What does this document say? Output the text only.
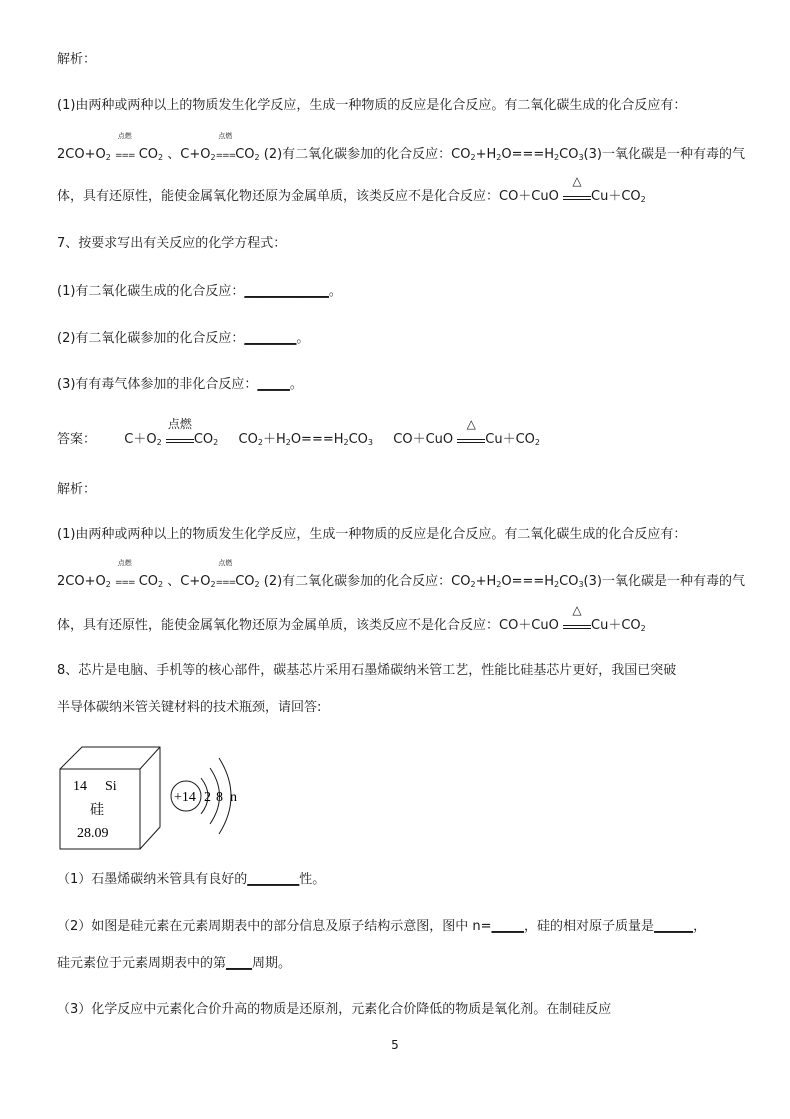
解析：
(1)由两种或两种以上的物质发生化学反应，生成一种物质的反应是化合反应。有二氧化碳生成的化合反应有：
$2CO+O_2$
点燃
=== $CO_2$ 、$C+O_2$
点燃
$===CO_2$ (2)有二氧化碳参加的化合反应：$CO_2+H_2O===H_2CO_3(3)$一氧化碳是一种有毒的气
体，具有还原性，能使金属氧化物还原为金属单质，该类反应不是化合反应：CO＋CuO
△
$Cu+CO_2$
7、按要求写出有关反应的化学方程式：
(1)有二氧化碳生成的化合反应：_____________。
(2)有二氧化碳参加的化合反应：________。
(3)有有毒气体参加的非化合反应：_____。
答案： $C+O_2$
点燃
$CO_2$ $CO_2+H_2O===H_2CO_3$ CO＋CuO
△
$Cu+CO_2$
解析：
(1)由两种或两种以上的物质发生化学反应，生成一种物质的反应是化合反应。有二氧化碳生成的化合反应有：
$2CO+O_2$
点燃
=== $CO_2$ 、$C+O_2$
点燃
$===CO_2$ (2)有二氧化碳参加的化合反应：$CO_2+H_2O===H_2CO_3(3)$一氧化碳是一种有毒的气
体，具有还原性，能使金属氧化物还原为金属单质，该类反应不是化合反应：CO＋CuO
△
$Cu+CO_2$
8、芯片是电脑、手机等的核心部件，碳基芯片采用石墨烯碳纳米管工艺，性能比硅基芯片更好，我国已突破
半导体碳纳米管关键材料的技术瓶颈，请回答:
14 Si
硅
28.09
+14 2 8 n
（1）石墨烯碳纳米管具有良好的________性。
（2）如图是硅元素在元素周期表中的部分信息及原子结构示意图，图中 n=_____，硅的相对原子质量是______，
硅元素位于元素周期表中的第____周期。
（3）化学反应中元素化合价升高的物质是还原剂，元素化合价降低的物质是氧化剂。在制硅反应
5
